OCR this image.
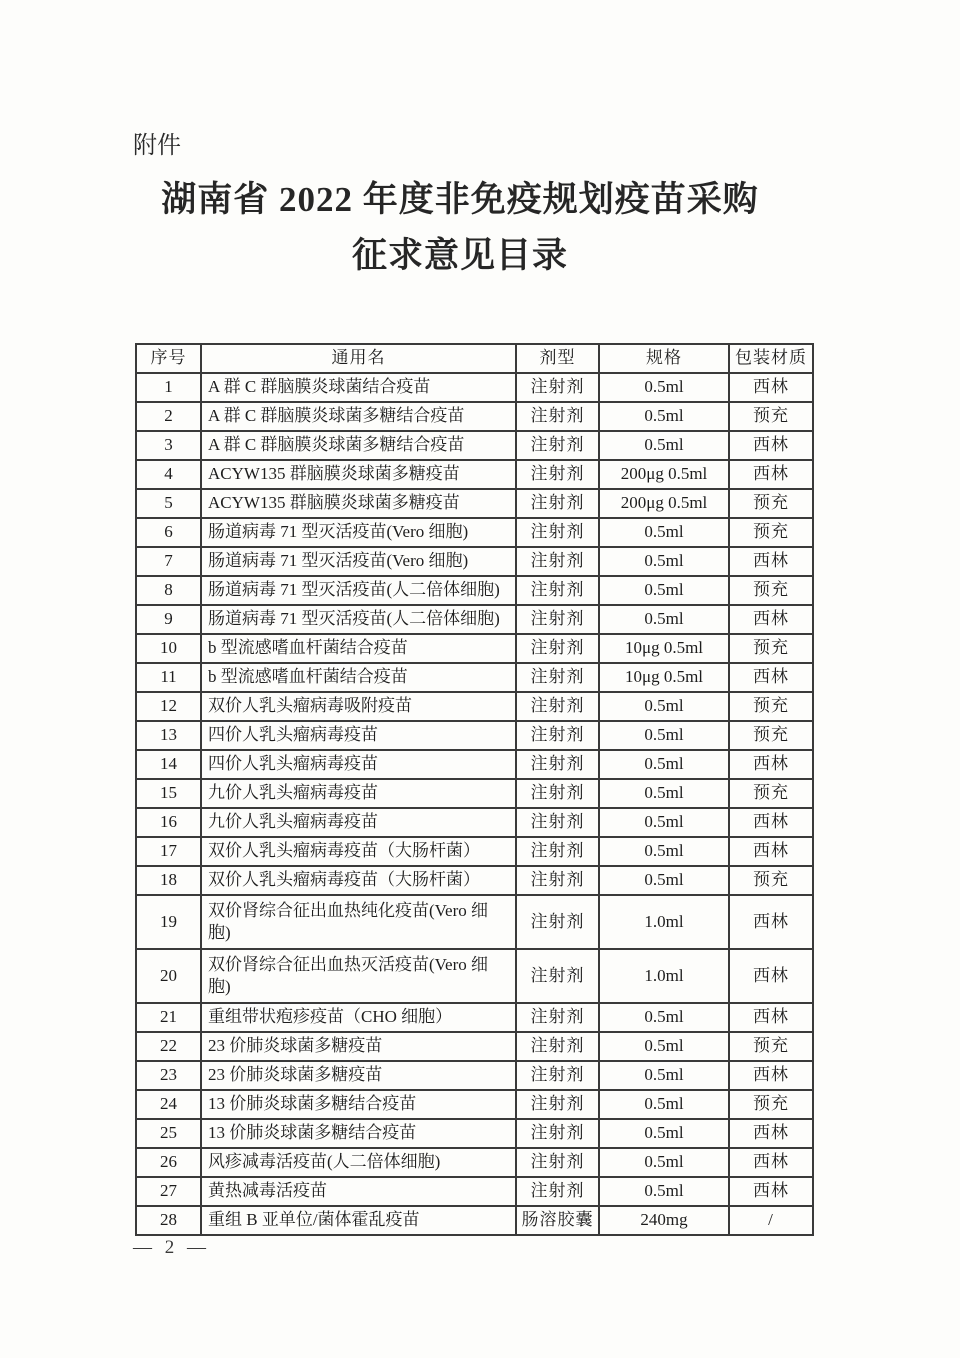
附件
湖南省 2022 年度非免疫规划疫苗采购
征求意见目录
序号	通用名	剂型	规格	包装材质
1	A 群 C 群脑膜炎球菌结合疫苗	注射剂	0.5ml	西林
2	A 群 C 群脑膜炎球菌多糖结合疫苗	注射剂	0.5ml	预充
3	A 群 C 群脑膜炎球菌多糖结合疫苗	注射剂	0.5ml	西林
4	ACYW135 群脑膜炎球菌多糖疫苗	注射剂	200μg 0.5ml	西林
5	ACYW135 群脑膜炎球菌多糖疫苗	注射剂	200μg 0.5ml	预充
6	肠道病毒 71 型灭活疫苗(Vero 细胞)	注射剂	0.5ml	预充
7	肠道病毒 71 型灭活疫苗(Vero 细胞)	注射剂	0.5ml	西林
8	肠道病毒 71 型灭活疫苗(人二倍体细胞)	注射剂	0.5ml	预充
9	肠道病毒 71 型灭活疫苗(人二倍体细胞)	注射剂	0.5ml	西林
10	b 型流感嗜血杆菌结合疫苗	注射剂	10μg 0.5ml	预充
11	b 型流感嗜血杆菌结合疫苗	注射剂	10μg 0.5ml	西林
12	双价人乳头瘤病毒吸附疫苗	注射剂	0.5ml	预充
13	四价人乳头瘤病毒疫苗	注射剂	0.5ml	预充
14	四价人乳头瘤病毒疫苗	注射剂	0.5ml	西林
15	九价人乳头瘤病毒疫苗	注射剂	0.5ml	预充
16	九价人乳头瘤病毒疫苗	注射剂	0.5ml	西林
17	双价人乳头瘤病毒疫苗（大肠杆菌）	注射剂	0.5ml	西林
18	双价人乳头瘤病毒疫苗（大肠杆菌）	注射剂	0.5ml	预充
19	双价肾综合征出血热纯化疫苗(Vero 细胞)	注射剂	1.0ml	西林
20	双价肾综合征出血热灭活疫苗(Vero 细胞)	注射剂	1.0ml	西林
21	重组带状疱疹疫苗（CHO 细胞）	注射剂	0.5ml	西林
22	23 价肺炎球菌多糖疫苗	注射剂	0.5ml	预充
23	23 价肺炎球菌多糖疫苗	注射剂	0.5ml	西林
24	13 价肺炎球菌多糖结合疫苗	注射剂	0.5ml	预充
25	13 价肺炎球菌多糖结合疫苗	注射剂	0.5ml	西林
26	风疹减毒活疫苗(人二倍体细胞)	注射剂	0.5ml	西林
27	黄热减毒活疫苗	注射剂	0.5ml	西林
28	重组 B 亚单位/菌体霍乱疫苗	肠溶胶囊	240mg	/
— 2 —
